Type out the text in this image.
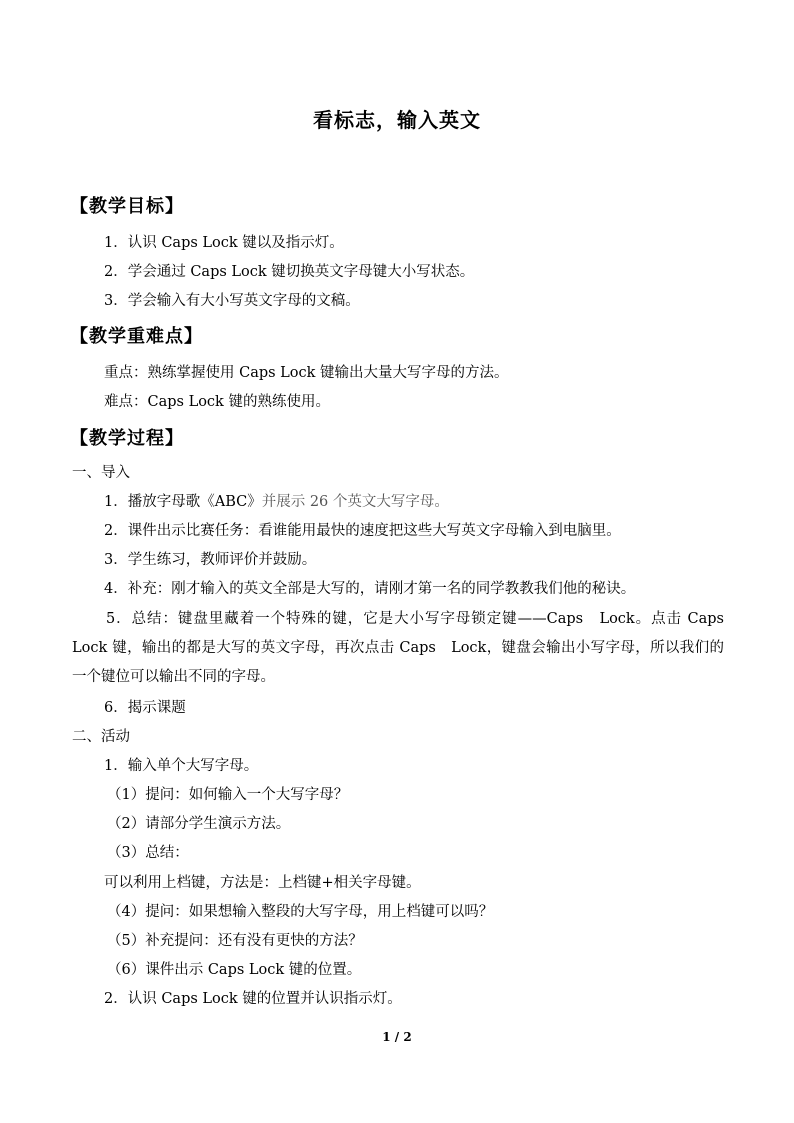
看标志，输入英文
【教学目标】
1．认识 Caps Lock 键以及指示灯。
2．学会通过 Caps Lock 键切换英文字母键大小写状态。
3．学会输入有大小写英文字母的文稿。
【教学重难点】
重点：熟练掌握使用 Caps Lock 键输出大量大写字母的方法。
难点：Caps Lock 键的熟练使用。
【教学过程】
一、导入
1．播放字母歌《ABC》并展示 26 个英文大写字母。
2．课件出示比赛任务：看谁能用最快的速度把这些大写英文字母输入到电脑里。
3．学生练习，教师评价并鼓励。
4．补充：刚才输入的英文全部是大写的，请刚才第一名的同学教教我们他的秘诀。
5．总结：键盘里藏着一个特殊的键，它是大小写字母锁定键——Caps　Lock。点击 Caps Lock 键，输出的都是大写的英文字母，再次点击 Caps　Lock，键盘会输出小写字母，所以我们的一个键位可以输出不同的字母。
6．揭示课题
二、活动
1．输入单个大写字母。
（1）提问：如何输入一个大写字母？
（2）请部分学生演示方法。
（3）总结：
可以利用上档键，方法是：上档键+相关字母键。
（4）提问：如果想输入整段的大写字母，用上档键可以吗？
（5）补充提问：还有没有更快的方法？
（6）课件出示 Caps Lock 键的位置。
2．认识 Caps Lock 键的位置并认识指示灯。
1 / 2
